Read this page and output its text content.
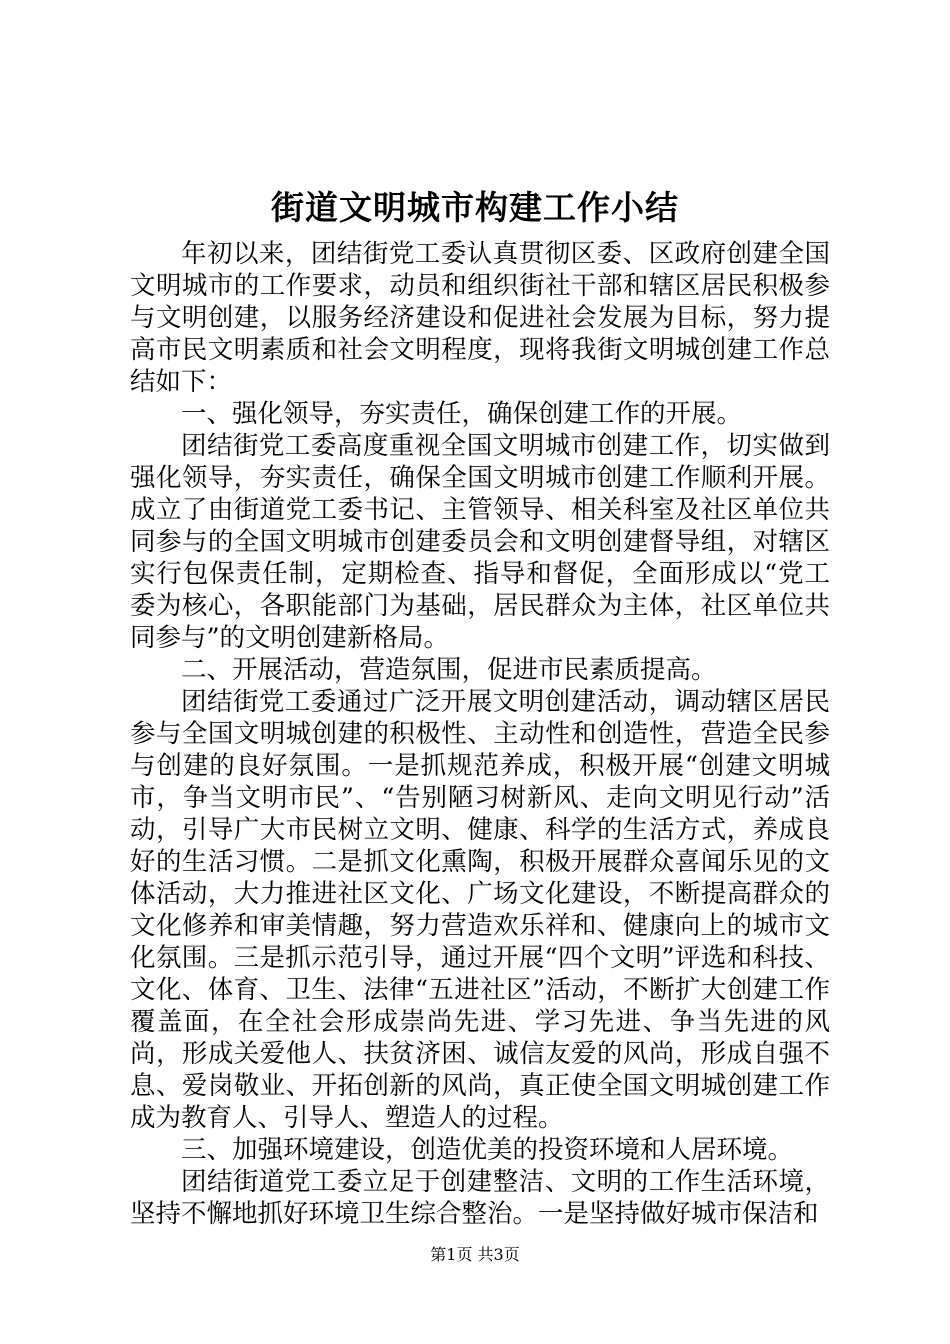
街道文明城市构建工作小结

年初以来，团结街党工委认真贯彻区委、区政府创建全国文明城市的工作要求，动员和组织街社干部和辖区居民积极参与文明创建，以服务经济建设和促进社会发展为目标，努力提高市民文明素质和社会文明程度，现将我街文明城创建工作总结如下：

一、强化领导，夯实责任，确保创建工作的开展。

团结街党工委高度重视全国文明城市创建工作，切实做到强化领导，夯实责任，确保全国文明城市创建工作顺利开展。成立了由街道党工委书记、主管领导、相关科室及社区单位共同参与的全国文明城市创建委员会和文明创建督导组，对辖区实行包保责任制，定期检查、指导和督促，全面形成以“党工委为核心，各职能部门为基础，居民群众为主体，社区单位共同参与”的文明创建新格局。

二、开展活动，营造氛围，促进市民素质提高。

团结街党工委通过广泛开展文明创建活动，调动辖区居民参与全国文明城创建的积极性、主动性和创造性，营造全民参与创建的良好氛围。一是抓规范养成，积极开展“创建文明城市，争当文明市民”、“告别陋习树新风、走向文明见行动”活动，引导广大市民树立文明、健康、科学的生活方式，养成良好的生活习惯。二是抓文化熏陶，积极开展群众喜闻乐见的文体活动，大力推进社区文化、广场文化建设，不断提高群众的文化修养和审美情趣，努力营造欢乐祥和、健康向上的城市文化氛围。三是抓示范引导，通过开展“四个文明”评选和科技、文化、体育、卫生、法律“五进社区”活动，不断扩大创建工作覆盖面，在全社会形成崇尚先进、学习先进、争当先进的风尚，形成关爱他人、扶贫济困、诚信友爱的风尚，形成自强不息、爱岗敬业、开拓创新的风尚，真正使全国文明城创建工作成为教育人、引导人、塑造人的过程。

三、加强环境建设，创造优美的投资环境和人居环境。

团结街道党工委立足于创建整洁、文明的工作生活环境，坚持不懈地抓好环境卫生综合整治。一是坚持做好城市保洁和

第1页 共3页
